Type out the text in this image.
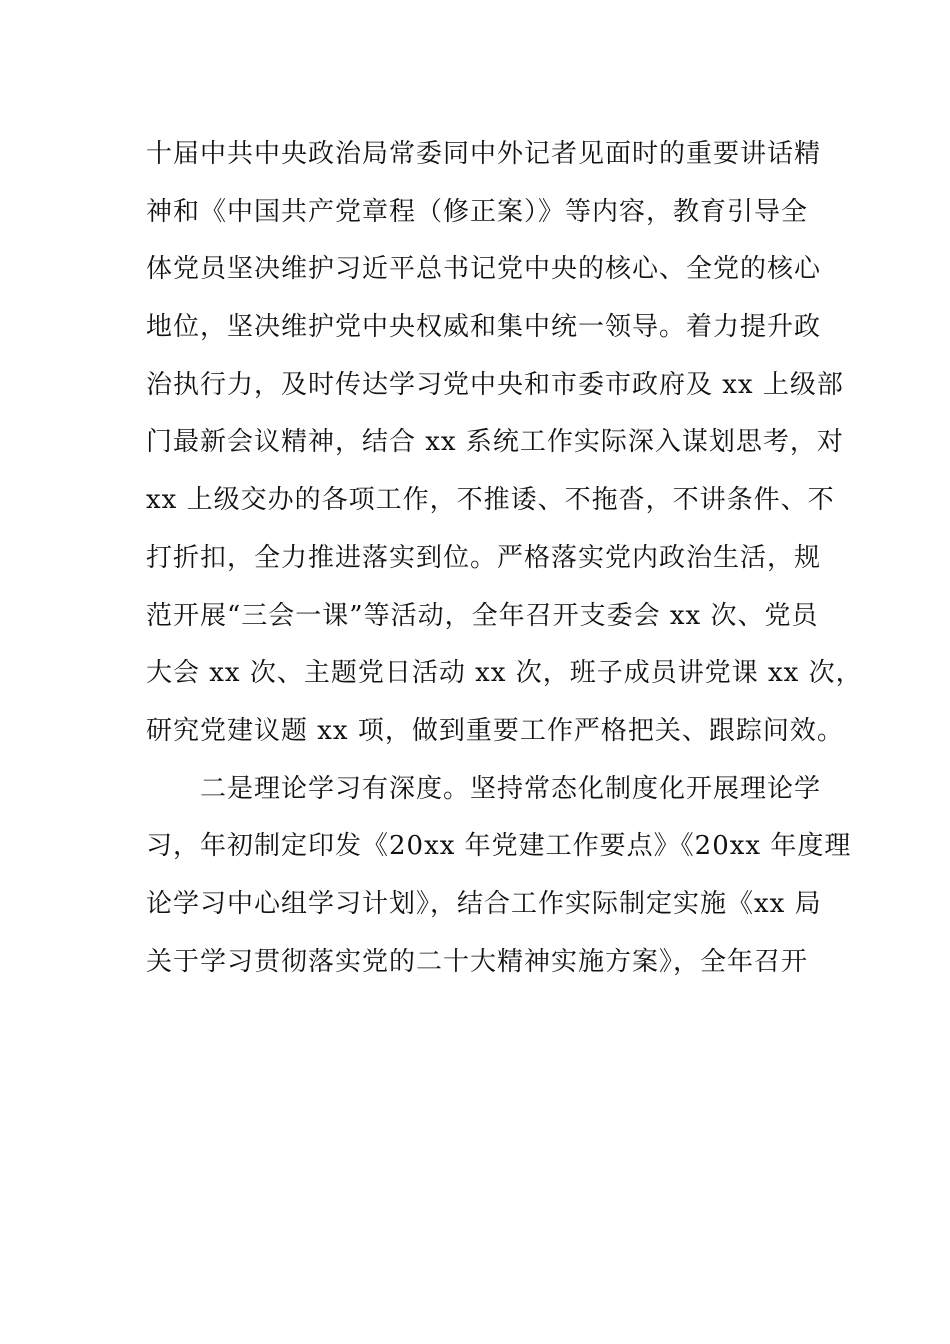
十届中共中央政治局常委同中外记者见面时的重要讲话精
神和《中国共产党章程（修正案）》等内容，教育引导全
体党员坚决维护习近平总书记党中央的核心、全党的核心
地位，坚决维护党中央权威和集中统一领导。着力提升政
治执行力，及时传达学习党中央和市委市政府及 xx 上级部
门最新会议精神，结合 xx 系统工作实际深入谋划思考，对
xx 上级交办的各项工作，不推诿、不拖沓，不讲条件、不
打折扣，全力推进落实到位。严格落实党内政治生活，规
范开展“三会一课”等活动，全年召开支委会 xx 次、党员
大会 xx 次、主题党日活动 xx 次，班子成员讲党课 xx 次，
研究党建议题 xx 项，做到重要工作严格把关、跟踪问效。
二是理论学习有深度。坚持常态化制度化开展理论学
习，年初制定印发《20xx 年党建工作要点》《20xx 年度理
论学习中心组学习计划》，结合工作实际制定实施《xx 局
关于学习贯彻落实党的二十大精神实施方案》，全年召开
